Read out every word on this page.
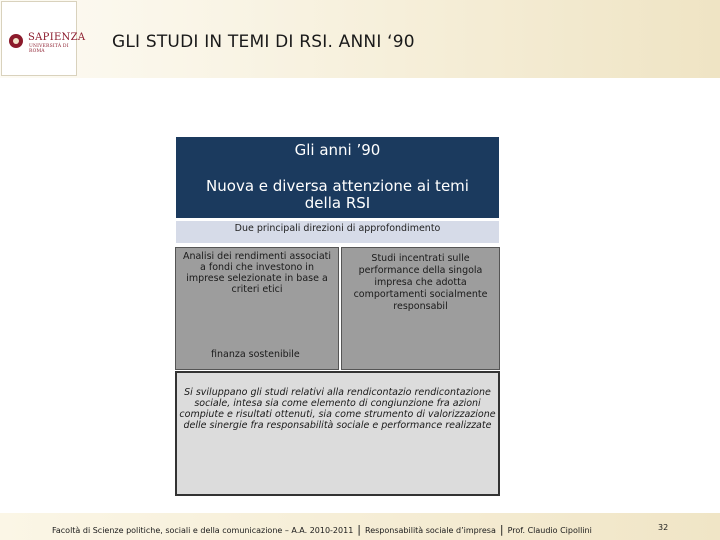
SAPIENZA
UNIVERSITÀ DI ROMA	GLI STUDI IN TEMI DI RSI. ANNI ‘90
Gli anni ’90
Nuova e diversa attenzione ai temi della RSI
Due principali direzioni di approfondimento
Analisi dei rendimenti associati a fondi che investono in imprese selezionate in base a criteri etici
finanza sostenibile
Studi incentrati sulle performance della singola impresa che adotta comportamenti socialmente responsabil
Si sviluppano gli studi relativi alla rendicontazio rendicontazione sociale, intesa sia come elemento di congiunzione fra azioni compiute e risultati ottenuti, sia come strumento di valorizzazione delle sinergie fra responsabilità sociale e performance realizzate
Facoltà di Scienze politiche, sociali e della comunicazione – A.A. 2010-2011 | Responsabilità sociale d’impresa | Prof. Claudio Cipollini	32
